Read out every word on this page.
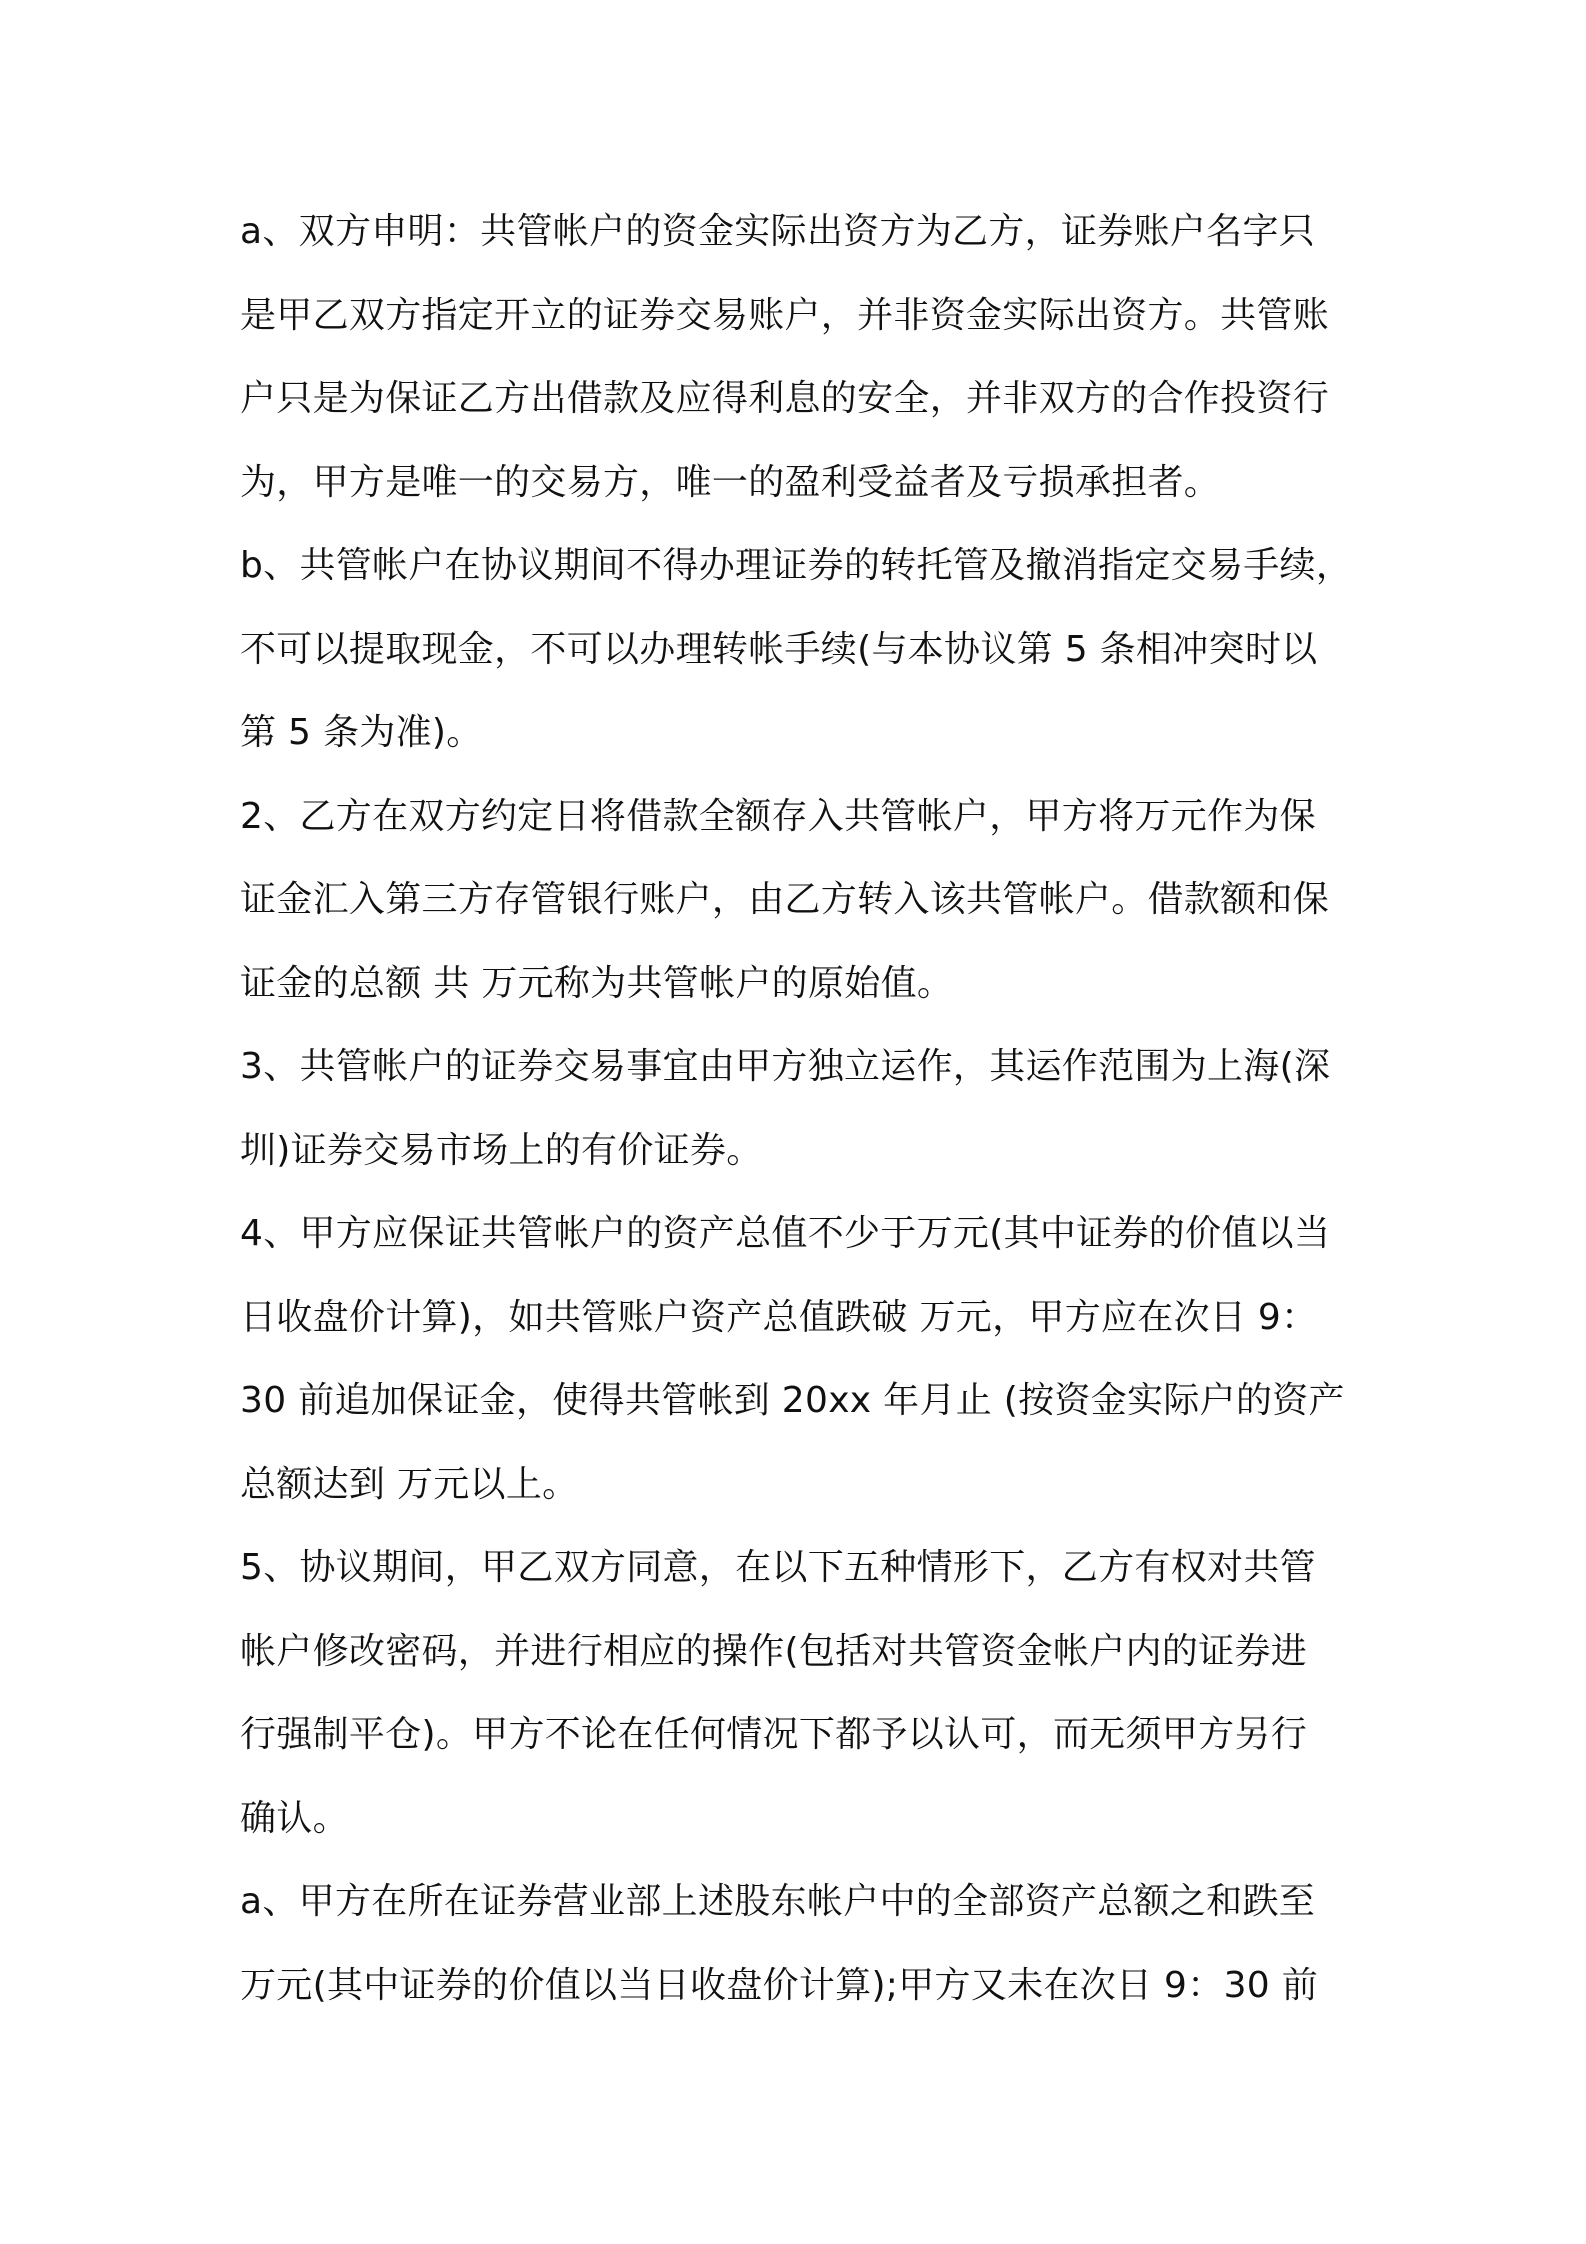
a、双方申明：共管帐户的资金实际出资方为乙方，证券账户名字只
是甲乙双方指定开立的证券交易账户，并非资金实际出资方。共管账
户只是为保证乙方出借款及应得利息的安全，并非双方的合作投资行
为，甲方是唯一的交易方，唯一的盈利受益者及亏损承担者。
b、共管帐户在协议期间不得办理证券的转托管及撤消指定交易手续，
不可以提取现金，不可以办理转帐手续(与本协议第 5 条相冲突时以
第 5 条为准)。
2、乙方在双方约定日将借款全额存入共管帐户，甲方将万元作为保
证金汇入第三方存管银行账户，由乙方转入该共管帐户。借款额和保
证金的总额 共 万元称为共管帐户的原始值。
3、共管帐户的证券交易事宜由甲方独立运作，其运作范围为上海(深
圳)证券交易市场上的有价证券。
4、甲方应保证共管帐户的资产总值不少于万元(其中证券的价值以当
日收盘价计算)，如共管账户资产总值跌破 万元，甲方应在次日 9：
30 前追加保证金，使得共管帐到 20xx 年月止 (按资金实际户的资产
总额达到 万元以上。
5、协议期间，甲乙双方同意，在以下五种情形下，乙方有权对共管
帐户修改密码，并进行相应的操作(包括对共管资金帐户内的证券进
行强制平仓)。甲方不论在任何情况下都予以认可，而无须甲方另行
确认。
a、甲方在所在证券营业部上述股东帐户中的全部资产总额之和跌至
万元(其中证券的价值以当日收盘价计算);甲方又未在次日 9：30 前
